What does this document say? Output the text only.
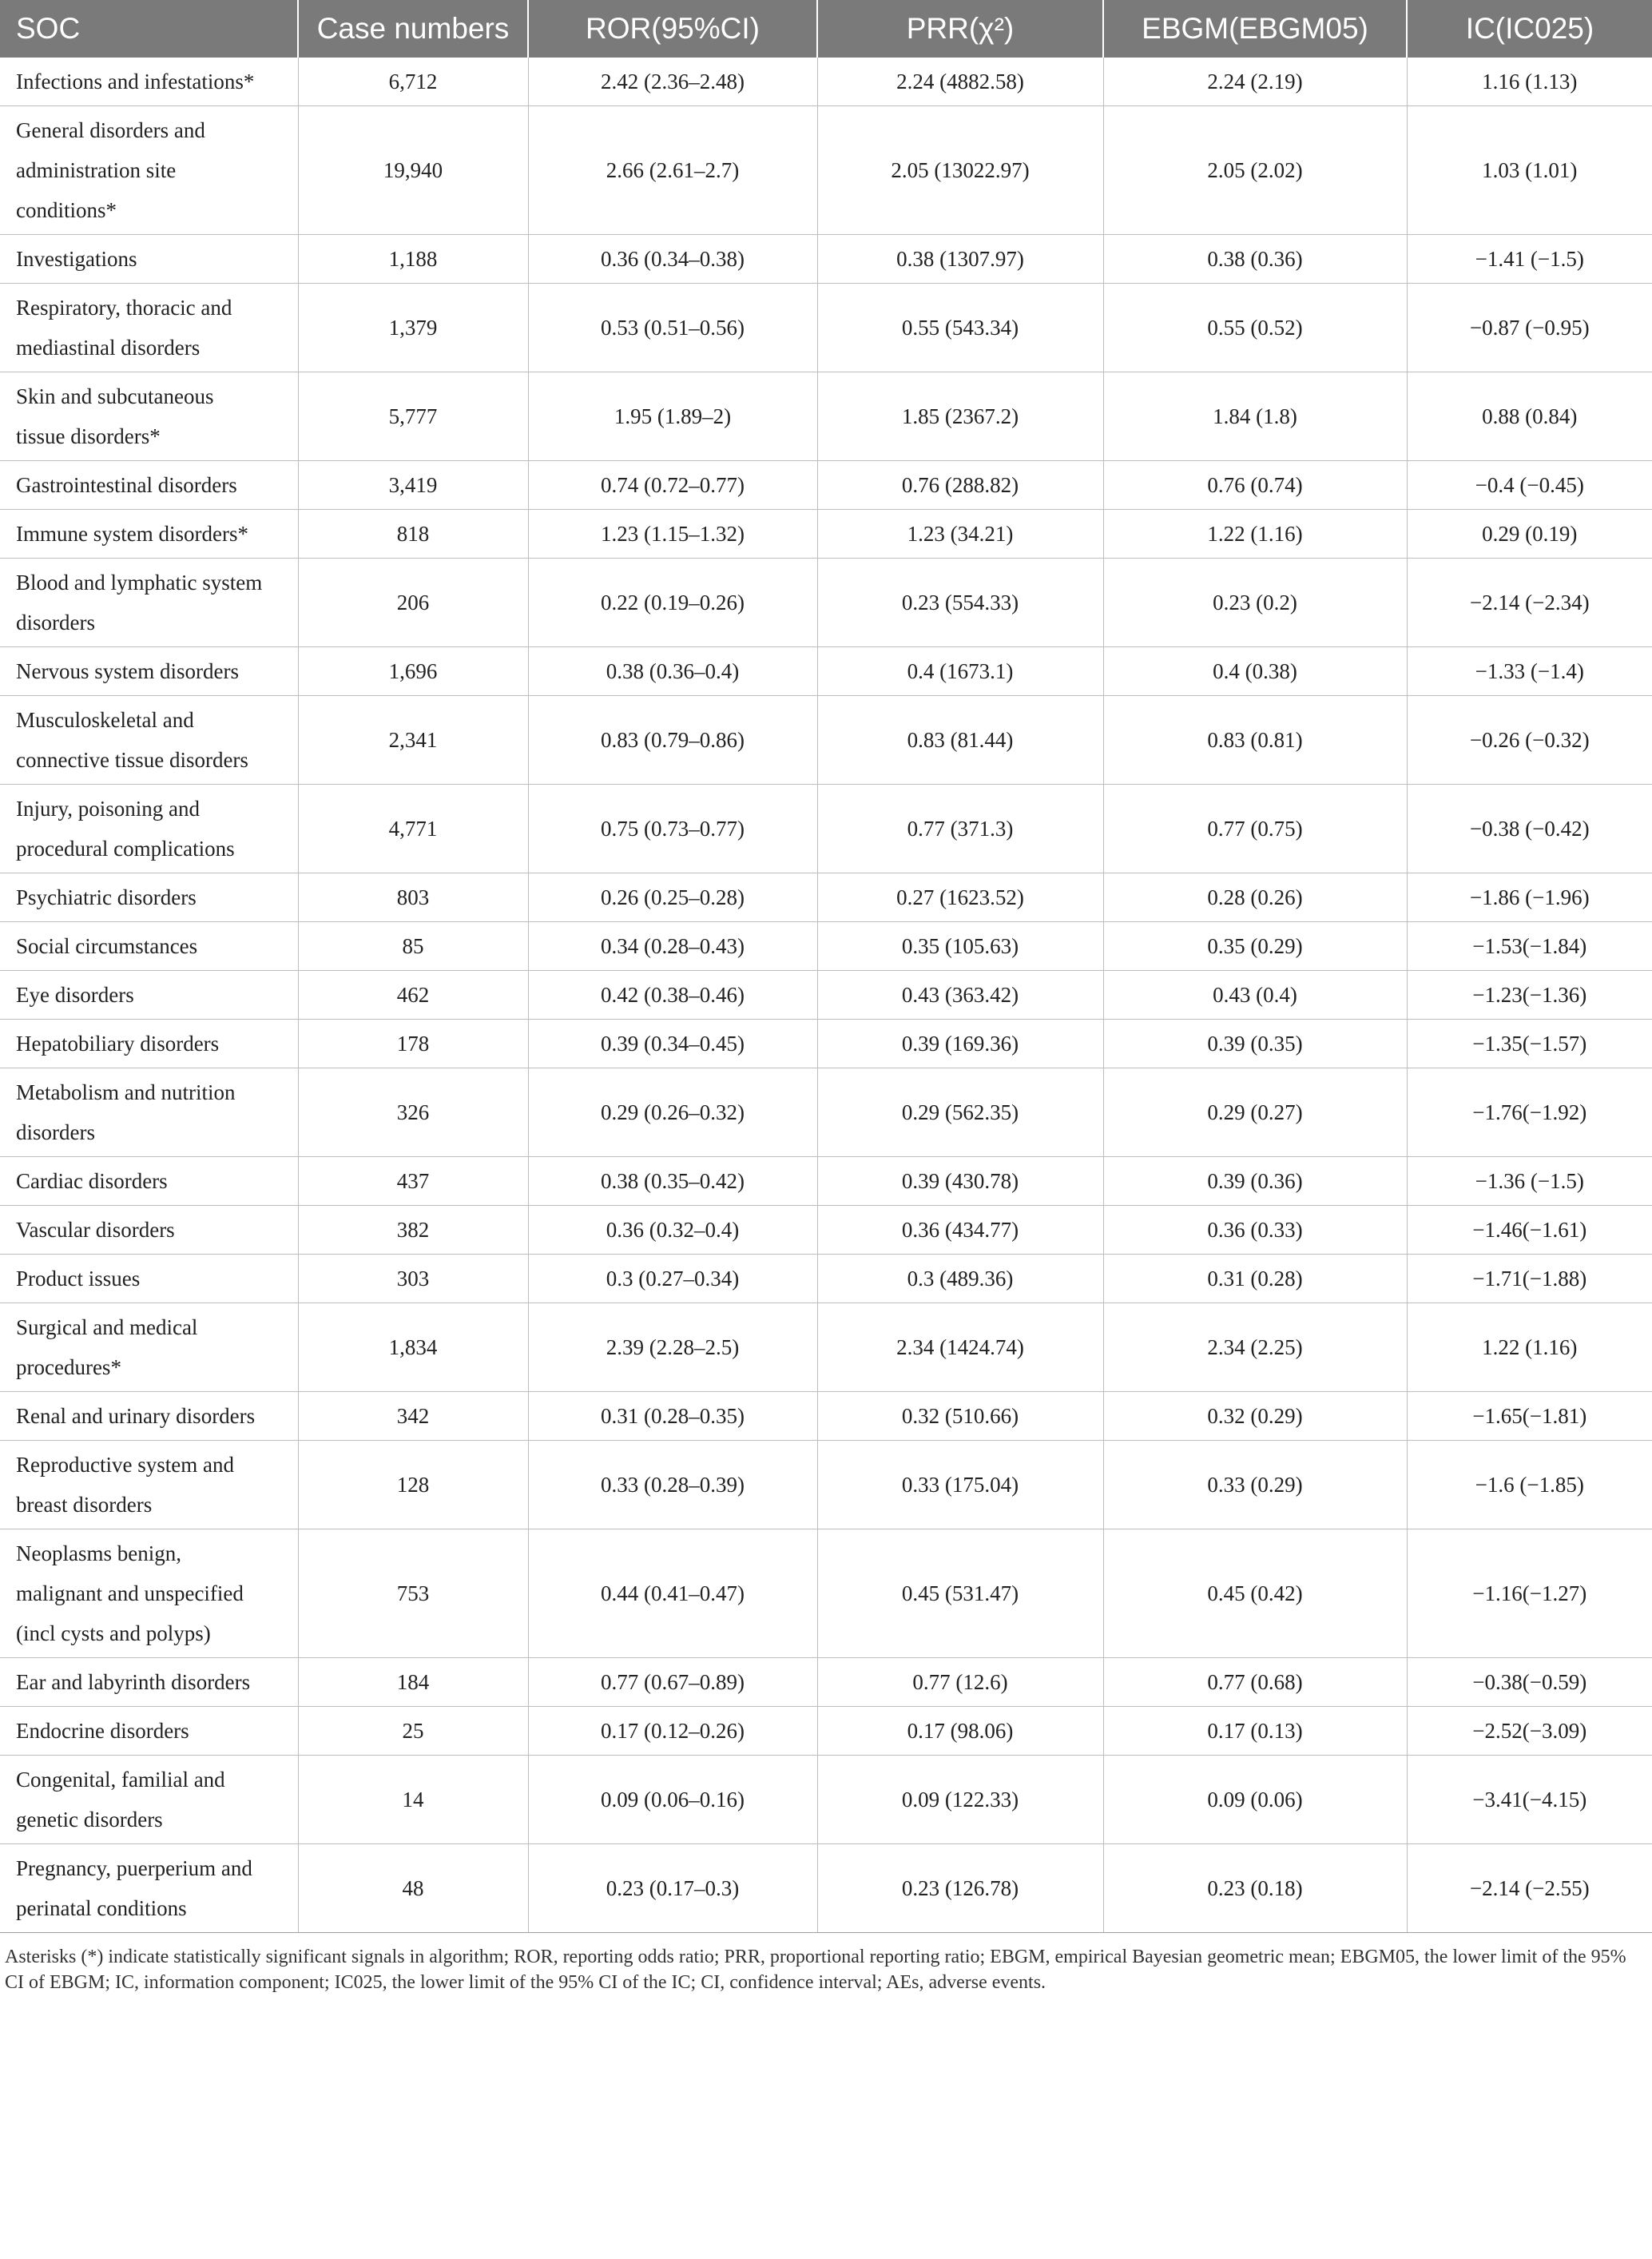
SOC	Case numbers	ROR(95%CI)	PRR(χ²)	EBGM(EBGM05)	IC(IC025)
Infections and infestations*	6,712	2.42 (2.36–2.48)	2.24 (4882.58)	2.24 (2.19)	1.16 (1.13)
General disorders and administration site conditions*	19,940	2.66 (2.61–2.7)	2.05 (13022.97)	2.05 (2.02)	1.03 (1.01)
Investigations	1,188	0.36 (0.34–0.38)	0.38 (1307.97)	0.38 (0.36)	−1.41 (−1.5)
Respiratory, thoracic and mediastinal disorders	1,379	0.53 (0.51–0.56)	0.55 (543.34)	0.55 (0.52)	−0.87 (−0.95)
Skin and subcutaneous tissue disorders*	5,777	1.95 (1.89–2)	1.85 (2367.2)	1.84 (1.8)	0.88 (0.84)
Gastrointestinal disorders	3,419	0.74 (0.72–0.77)	0.76 (288.82)	0.76 (0.74)	−0.4 (−0.45)
Immune system disorders*	818	1.23 (1.15–1.32)	1.23 (34.21)	1.22 (1.16)	0.29 (0.19)
Blood and lymphatic system disorders	206	0.22 (0.19–0.26)	0.23 (554.33)	0.23 (0.2)	−2.14 (−2.34)
Nervous system disorders	1,696	0.38 (0.36–0.4)	0.4 (1673.1)	0.4 (0.38)	−1.33 (−1.4)
Musculoskeletal and connective tissue disorders	2,341	0.83 (0.79–0.86)	0.83 (81.44)	0.83 (0.81)	−0.26 (−0.32)
Injury, poisoning and procedural complications	4,771	0.75 (0.73–0.77)	0.77 (371.3)	0.77 (0.75)	−0.38 (−0.42)
Psychiatric disorders	803	0.26 (0.25–0.28)	0.27 (1623.52)	0.28 (0.26)	−1.86 (−1.96)
Social circumstances	85	0.34 (0.28–0.43)	0.35 (105.63)	0.35 (0.29)	−1.53(−1.84)
Eye disorders	462	0.42 (0.38–0.46)	0.43 (363.42)	0.43 (0.4)	−1.23(−1.36)
Hepatobiliary disorders	178	0.39 (0.34–0.45)	0.39 (169.36)	0.39 (0.35)	−1.35(−1.57)
Metabolism and nutrition disorders	326	0.29 (0.26–0.32)	0.29 (562.35)	0.29 (0.27)	−1.76(−1.92)
Cardiac disorders	437	0.38 (0.35–0.42)	0.39 (430.78)	0.39 (0.36)	−1.36 (−1.5)
Vascular disorders	382	0.36 (0.32–0.4)	0.36 (434.77)	0.36 (0.33)	−1.46(−1.61)
Product issues	303	0.3 (0.27–0.34)	0.3 (489.36)	0.31 (0.28)	−1.71(−1.88)
Surgical and medical procedures*	1,834	2.39 (2.28–2.5)	2.34 (1424.74)	2.34 (2.25)	1.22 (1.16)
Renal and urinary disorders	342	0.31 (0.28–0.35)	0.32 (510.66)	0.32 (0.29)	−1.65(−1.81)
Reproductive system and breast disorders	128	0.33 (0.28–0.39)	0.33 (175.04)	0.33 (0.29)	−1.6 (−1.85)
Neoplasms benign, malignant and unspecified (incl cysts and polyps)	753	0.44 (0.41–0.47)	0.45 (531.47)	0.45 (0.42)	−1.16(−1.27)
Ear and labyrinth disorders	184	0.77 (0.67–0.89)	0.77 (12.6)	0.77 (0.68)	−0.38(−0.59)
Endocrine disorders	25	0.17 (0.12–0.26)	0.17 (98.06)	0.17 (0.13)	−2.52(−3.09)
Congenital, familial and genetic disorders	14	0.09 (0.06–0.16)	0.09 (122.33)	0.09 (0.06)	−3.41(−4.15)
Pregnancy, puerperium and perinatal conditions	48	0.23 (0.17–0.3)	0.23 (126.78)	0.23 (0.18)	−2.14 (−2.55)
Asterisks (*) indicate statistically significant signals in algorithm; ROR, reporting odds ratio; PRR, proportional reporting ratio; EBGM, empirical Bayesian geometric mean; EBGM05, the lower limit of the 95% CI of EBGM; IC, information component; IC025, the lower limit of the 95% CI of the IC; CI, confidence interval; AEs, adverse events.
